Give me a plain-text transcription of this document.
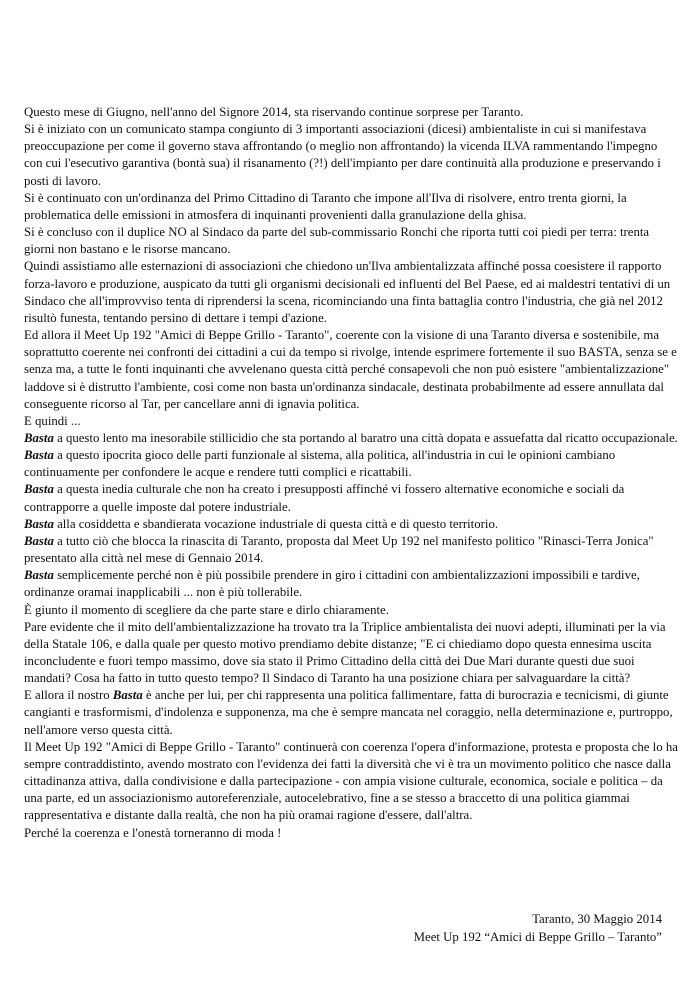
Questo mese di Giugno, nell'anno del Signore 2014, sta riservando continue sorprese per Taranto.

Si è iniziato con un comunicato stampa congiunto di 3 importanti associazioni (dicesi) ambientaliste in cui si manifestava preoccupazione per come il governo stava affrontando (o meglio non affrontando) la vicenda ILVA rammentando l'impegno con cui l'esecutivo garantiva (bontà sua) il risanamento (?!) dell'impianto per dare continuità alla produzione e preservando i posti di lavoro.

Si è continuato con un'ordinanza del Primo Cittadino di Taranto che impone all'Ilva di risolvere, entro trenta giorni, la problematica delle emissioni in atmosfera di inquinanti provenienti dalla granulazione della ghisa.

Si è concluso con il duplice NO al Sindaco da parte del sub-commissario Ronchi che riporta tutti coi piedi per terra: trenta giorni non bastano e le risorse mancano.

Quindi assistiamo alle esternazioni di associazioni che chiedono un'Ilva ambientalizzata affinché possa coesistere il rapporto forza-lavoro e produzione, auspicato da tutti gli organismi decisionali ed influenti del Bel Paese, ed ai maldestri tentativi di un Sindaco che all'improvviso tenta di riprendersi la scena, ricominciando una finta battaglia contro l'industria, che già nel 2012 risultò funesta, tentando persino di dettare i tempi d'azione.

Ed allora il Meet Up 192 "Amici di Beppe Grillo - Taranto", coerente con la visione di una Taranto diversa e sostenibile, ma soprattutto coerente nei confronti dei cittadini a cui da tempo si rivolge, intende esprimere fortemente il suo BASTA, senza se e senza ma, a tutte le fonti inquinanti che avvelenano questa città perché consapevoli che non può esistere "ambientalizzazione" laddove si è distrutto l'ambiente, così come non basta un'ordinanza sindacale, destinata probabilmente ad essere annullata dal conseguente ricorso al Tar, per cancellare anni di ignavia politica.

E quindi ...

Basta a questo lento ma inesorabile stillicidio che sta portando al baratro una città dopata e assuefatta dal ricatto occupazionale.

Basta a questo ipocrita gioco delle parti funzionale al sistema, alla politica, all'industria in cui le opinioni cambiano continuamente per confondere le acque e rendere tutti complici e ricattabili.

Basta a questa inedia culturale che non ha creato i presupposti affinché vi fossero alternative economiche e sociali da contrapporre a quelle imposte dal potere industriale.

Basta alla cosiddetta e sbandierata vocazione industriale di questa città e di questo territorio.

Basta a tutto ciò che blocca la rinascita di Taranto, proposta dal Meet Up 192 nel manifesto politico "Rinasci-Terra Jonica" presentato alla città nel mese di Gennaio 2014.

Basta semplicemente perché non è più possibile prendere in giro i cittadini con ambientalizzazioni impossibili e tardive, ordinanze oramai inapplicabili ... non è più tollerabile.

È giunto il momento di scegliere da che parte stare e dirlo chiaramente.

Pare evidente che il mito dell'ambientalizzazione ha trovato tra la Triplice ambientalista dei nuovi adepti, illuminati per la via della Statale 106, e dalla quale per questo motivo prendiamo debite distanze; "E ci chiediamo dopo questa ennesima uscita inconcludente e fuori tempo massimo, dove sia stato il Primo Cittadino della città dei Due Mari durante questi due suoi mandati? Cosa ha fatto in tutto questo tempo? Il Sindaco di Taranto ha una posizione chiara per salvaguardare la città?

E allora il nostro Basta è anche per lui, per chi rappresenta una politica fallimentare, fatta di burocrazia e tecnicismi, di giunte cangianti e trasformismi, d'indolenza e supponenza, ma che è sempre mancata nel coraggio, nella determinazione e, purtroppo, nell'amore verso questa città.

Il Meet Up 192 "Amici di Beppe Grillo - Taranto" continuerà con coerenza l'opera d'informazione, protesta e proposta che lo ha sempre contraddistinto, avendo mostrato con l'evidenza dei fatti la diversità che vi è tra un movimento politico che nasce dalla cittadinanza attiva, dalla condivisione e dalla partecipazione - con ampia visione culturale, economica, sociale e politica – da una parte, ed un associazionismo autoreferenziale, autocelebrativo, fine a se stesso a braccetto di una politica giammai rappresentativa e distante dalla realtà, che non ha più oramai ragione d'essere, dall'altra.

Perché la coerenza e l'onestà torneranno di moda !

Taranto, 30 Maggio 2014

Meet Up 192 “Amici di Beppe Grillo – Taranto”
